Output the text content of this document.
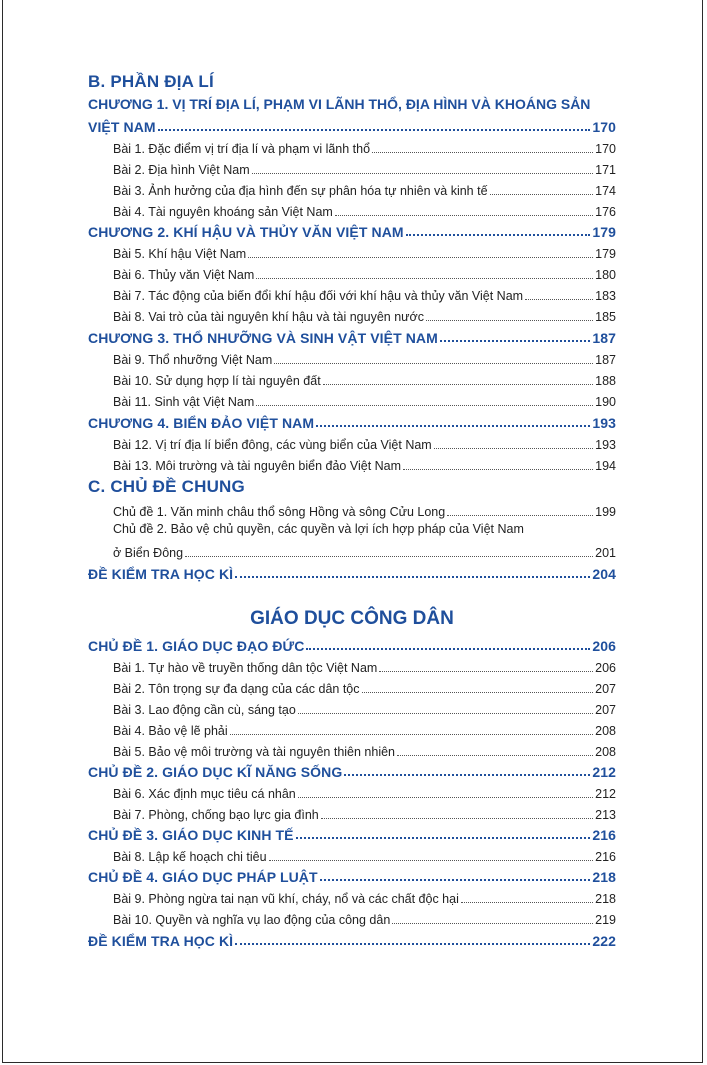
B. PHẦN ĐỊA LÍ
CHƯƠNG 1. VỊ TRÍ ĐỊA LÍ, PHẠM VI LÃNH THỔ, ĐỊA HÌNH VÀ KHOÁNG SẢN
VIỆT NAM	170
Bài 1. Đặc điểm vị trí địa lí và phạm vi lãnh thổ	170
Bài 2. Địa hình Việt Nam	171
Bài 3. Ảnh hưởng của địa hình đến sự phân hóa tự nhiên và kinh tế	174
Bài 4. Tài nguyên khoáng sản Việt Nam	176
CHƯƠNG 2. KHÍ HẬU VÀ THỦY VĂN VIỆT NAM	179
Bài 5. Khí hậu Việt Nam	179
Bài 6. Thủy văn Việt Nam	180
Bài 7. Tác động của biến đổi khí hậu đối với khí hậu và thủy văn Việt Nam	183
Bài 8. Vai trò của tài nguyên khí hậu và tài nguyên nước	185
CHƯƠNG 3. THỔ NHƯỠNG VÀ SINH VẬT VIỆT NAM	187
Bài 9. Thổ nhưỡng Việt Nam	187
Bài 10. Sử dụng hợp lí tài nguyên đất	188
Bài 11. Sinh vật Việt Nam	190
CHƯƠNG 4. BIỂN ĐẢO VIỆT NAM	193
Bài 12. Vị trí địa lí biển đông, các vùng biển của Việt Nam	193
Bài 13. Môi trường và tài nguyên biển đảo Việt Nam	194
C. CHỦ ĐỀ CHUNG
Chủ đề 1. Văn minh châu thổ sông Hồng và sông Cửu Long	199
Chủ đề 2. Bảo vệ chủ quyền, các quyền và lợi ích hợp pháp của Việt Nam
ở Biển Đông	201
ĐỀ KIỂM TRA HỌC KÌ	204
GIÁO DỤC CÔNG DÂN
CHỦ ĐỀ 1. GIÁO DỤC ĐẠO ĐỨC	206
Bài 1. Tự hào về truyền thống dân tộc Việt Nam	206
Bài 2. Tôn trọng sự đa dạng của các dân tộc	207
Bài 3. Lao động cần cù, sáng tạo	207
Bài 4. Bảo vệ lẽ phải	208
Bài 5. Bảo vệ môi trường và tài nguyên thiên nhiên	208
CHỦ ĐỀ 2. GIÁO DỤC KĨ NĂNG SỐNG	212
Bài 6. Xác định mục tiêu cá nhân	212
Bài 7. Phòng, chống bạo lực gia đình	213
CHỦ ĐỀ 3. GIÁO DỤC KINH TẾ	216
Bài 8. Lập kế hoạch chi tiêu	216
CHỦ ĐỀ 4. GIÁO DỤC PHÁP LUẬT	218
Bài 9. Phòng ngừa tai nạn vũ khí, cháy, nổ và các chất độc hại	218
Bài 10. Quyền và nghĩa vụ lao động của công dân	219
ĐỀ KIỂM TRA HỌC KÌ	222
